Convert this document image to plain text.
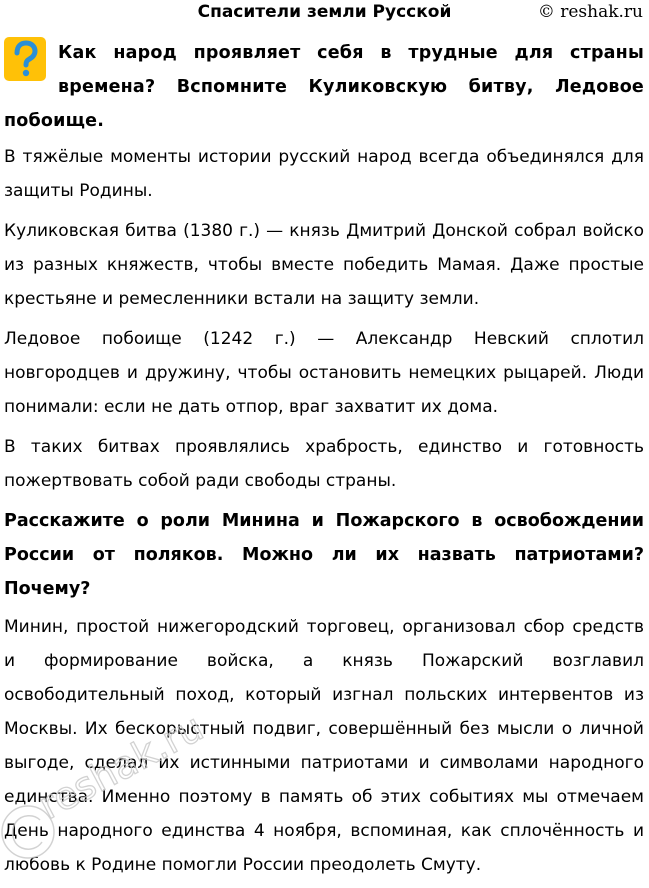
Спасители земли Русской	© reshak.ru

Как народ проявляет себя в трудные для страны времена? Вспомните Куликовскую битву, Ледовое побоище.

В тяжёлые моменты истории русский народ всегда объединялся для защиты Родины.

Куликовская битва (1380 г.) — князь Дмитрий Донской собрал войско из разных княжеств, чтобы вместе победить Мамая. Даже простые крестьяне и ремесленники встали на защиту земли.

Ледовое побоище (1242 г.) — Александр Невский сплотил новгородцев и дружину, чтобы остановить немецких рыцарей. Люди понимали: если не дать отпор, враг захватит их дома.

В таких битвах проявлялись храбрость, единство и готовность пожертвовать собой ради свободы страны.

Расскажите о роли Минина и Пожарского в освобождении России от поляков. Можно ли их назвать патриотами? Почему?

Минин, простой нижегородский торговец, организовал сбор средств и формирование войска, а князь Пожарский возглавил освободительный поход, который изгнал польских интервентов из Москвы. Их бескорыстный подвиг, совершённый без мысли о личной выгоде, сделал их истинными патриотами и символами народного единства. Именно поэтому в память об этих событиях мы отмечаем День народного единства 4 ноября, вспоминая, как сплочённость и любовь к Родине помогли России преодолеть Смуту.

reshak.ru
